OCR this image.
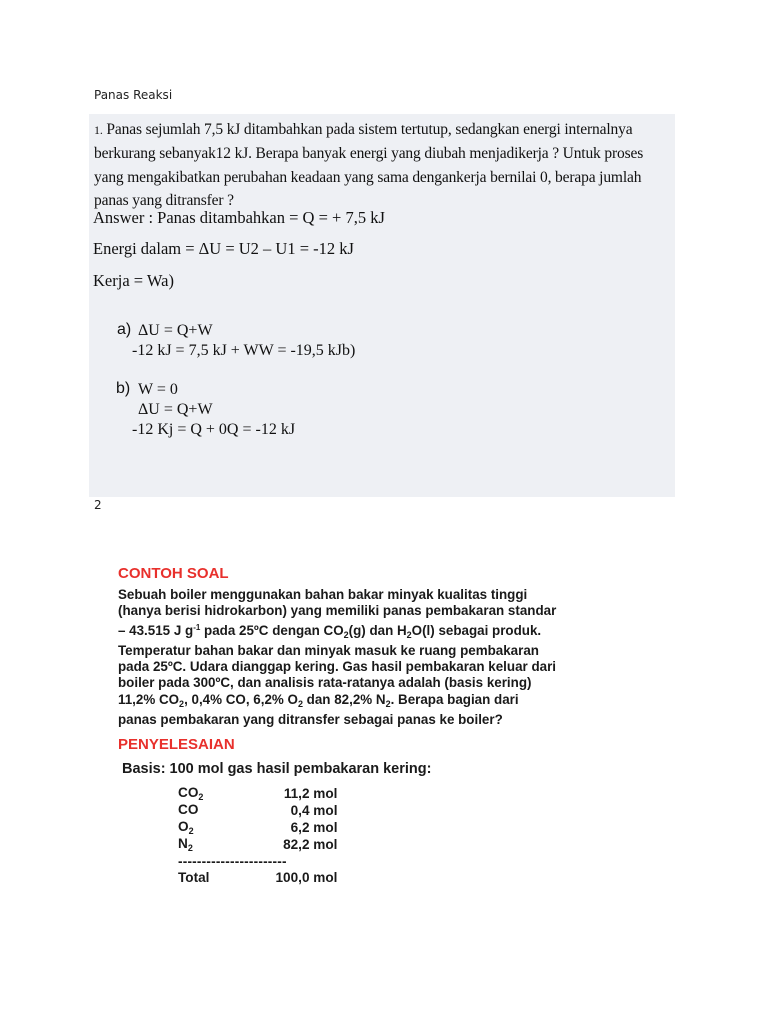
Panas Reaksi
1. Panas sejumlah 7,5 kJ ditambahkan pada sistem tertutup, sedangkan energi internalnya berkurang sebanyak12 kJ. Berapa banyak energi yang diubah menjadikerja ? Untuk proses yang mengakibatkan perubahan keadaan yang sama dengankerja bernilai 0, berapa jumlah panas yang ditransfer ?
Answer : Panas ditambahkan = Q = + 7,5 kJ
Energi dalam = ΔU = U2 – U1 = -12 kJ
Kerja = Wa)
a) ΔU = Q+W
-12 kJ = 7,5 kJ + WW = -19,5 kJb)
b) W = 0
ΔU = Q+W
-12 Kj = Q + 0Q = -12 kJ
2
CONTOH SOAL
Sebuah boiler menggunakan bahan bakar minyak kualitas tinggi
(hanya berisi hidrokarbon) yang memiliki panas pembakaran standar
– 43.515 J $g^{-1}$ pada 25ºC dengan $CO_2(g)$ dan $H_2O(l)$ sebagai produk.
Temperatur bahan bakar dan minyak masuk ke ruang pembakaran
pada 25ºC. Udara dianggap kering. Gas hasil pembakaran keluar dari
boiler pada 300ºC, dan analisis rata-ratanya adalah (basis kering)
11,2% $CO_2$, 0,4% CO, 6,2% $O_2$ dan 82,2% $N_2$. Berapa bagian dari
panas pembakaran yang ditransfer sebagai panas ke boiler?
PENYELESAIAN
Basis: 100 mol gas hasil pembakaran kering:
$CO_2$	11,2 mol
CO	0,4 mol
$O_2$	6,2 mol
$N_2$	82,2 mol
-----------------------	
Total	100,0 mol
